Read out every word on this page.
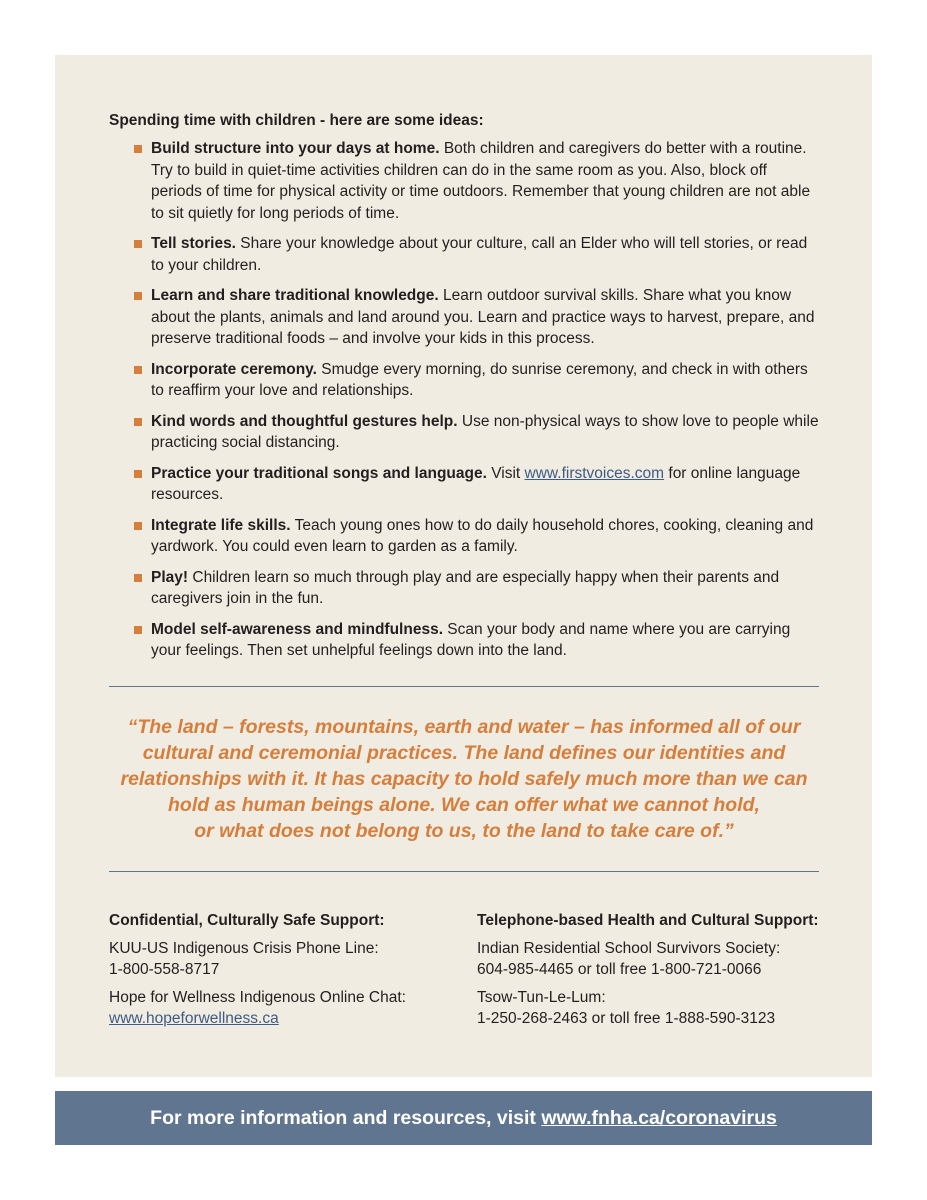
Spending time with children - here are some ideas:
Build structure into your days at home. Both children and caregivers do better with a routine. Try to build in quiet-time activities children can do in the same room as you. Also, block off periods of time for physical activity or time outdoors. Remember that young children are not able to sit quietly for long periods of time.
Tell stories. Share your knowledge about your culture, call an Elder who will tell stories, or read to your children.
Learn and share traditional knowledge. Learn outdoor survival skills. Share what you know about the plants, animals and land around you. Learn and practice ways to harvest, prepare, and preserve traditional foods – and involve your kids in this process.
Incorporate ceremony. Smudge every morning, do sunrise ceremony, and check in with others to reaffirm your love and relationships.
Kind words and thoughtful gestures help. Use non-physical ways to show love to people while practicing social distancing.
Practice your traditional songs and language. Visit www.firstvoices.com for online language resources.
Integrate life skills. Teach young ones how to do daily household chores, cooking, cleaning and yardwork. You could even learn to garden as a family.
Play! Children learn so much through play and are especially happy when their parents and caregivers join in the fun.
Model self-awareness and mindfulness. Scan your body and name where you are carrying your feelings. Then set unhelpful feelings down into the land.
“The land – forests, mountains, earth and water – has informed all of our
cultural and ceremonial practices. The land defines our identities and
relationships with it. It has capacity to hold safely much more than we can
hold as human beings alone. We can offer what we cannot hold,
or what does not belong to us, to the land to take care of.”
Confidential, Culturally Safe Support:
KUU-US Indigenous Crisis Phone Line:
1-800-558-8717
Hope for Wellness Indigenous Online Chat:
www.hopeforwellness.ca
Telephone-based Health and Cultural Support:
Indian Residential School Survivors Society:
604-985-4465 or toll free 1-800-721-0066
Tsow-Tun-Le-Lum:
1-250-268-2463 or toll free 1-888-590-3123
For more information and resources, visit www.fnha.ca/coronavirus
